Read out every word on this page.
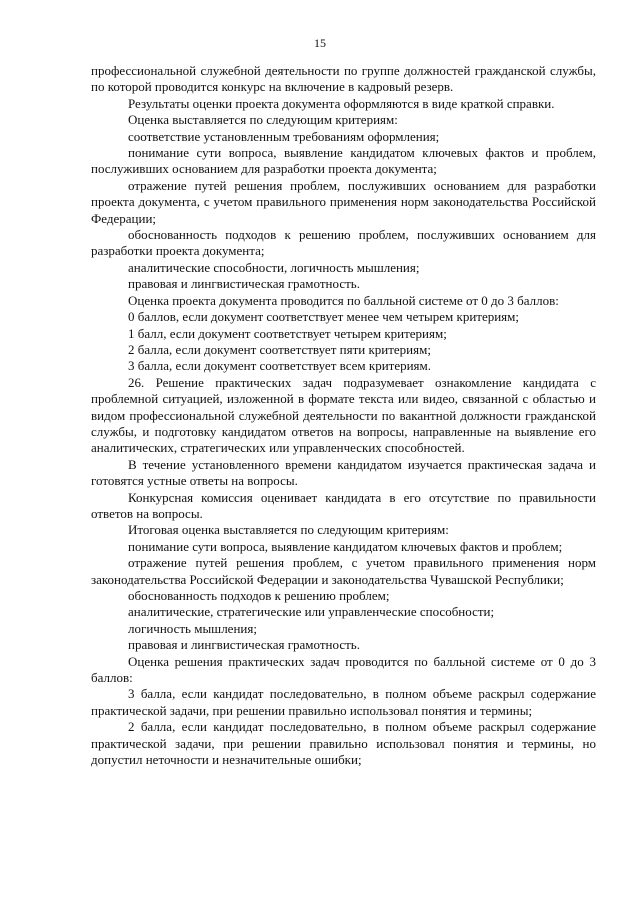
15

профессиональной служебной деятельности по группе должностей гражданской службы, по которой проводится конкурс на включение в кадровый резерв.

Результаты оценки проекта документа оформляются в виде краткой справки.

Оценка выставляется по следующим критериям:

соответствие установленным требованиям оформления;

понимание сути вопроса, выявление кандидатом ключевых фактов и проблем, послуживших основанием для разработки проекта документа;

отражение путей решения проблем, послуживших основанием для разработки проекта документа, с учетом правильного применения норм законодательства Российской Федерации;

обоснованность подходов к решению проблем, послуживших основанием для разработки проекта документа;

аналитические способности, логичность мышления;

правовая и лингвистическая грамотность.

Оценка проекта документа проводится по балльной системе от 0 до 3 баллов:

0 баллов, если документ соответствует менее чем четырем критериям;

1 балл, если документ соответствует четырем критериям;

2 балла, если документ соответствует пяти критериям;

3 балла, если документ соответствует всем критериям.

26. Решение практических задач подразумевает ознакомление кандидата с проблемной ситуацией, изложенной в формате текста или видео, связанной с областью и видом профессиональной служебной деятельности по вакантной должности гражданской службы, и подготовку кандидатом ответов на вопросы, направленные на выявление его аналитических, стратегических или управленческих способностей.

В течение установленного времени кандидатом изучается практическая задача и готовятся устные ответы на вопросы.

Конкурсная комиссия оценивает кандидата в его отсутствие по правильности ответов на вопросы.

Итоговая оценка выставляется по следующим критериям:

понимание сути вопроса, выявление кандидатом ключевых фактов и проблем;

отражение путей решения проблем, с учетом правильного применения норм законодательства Российской Федерации и законодательства Чувашской Республики;

обоснованность подходов к решению проблем;

аналитические, стратегические или управленческие способности;

логичность мышления;

правовая и лингвистическая грамотность.

Оценка решения практических задач проводится по балльной системе от 0 до 3 баллов:

3 балла, если кандидат последовательно, в полном объеме раскрыл содержание практической задачи, при решении правильно использовал понятия и термины;

2 балла, если кандидат последовательно, в полном объеме раскрыл содержание практической задачи, при решении правильно использовал понятия и термины, но допустил неточности и незначительные ошибки;
